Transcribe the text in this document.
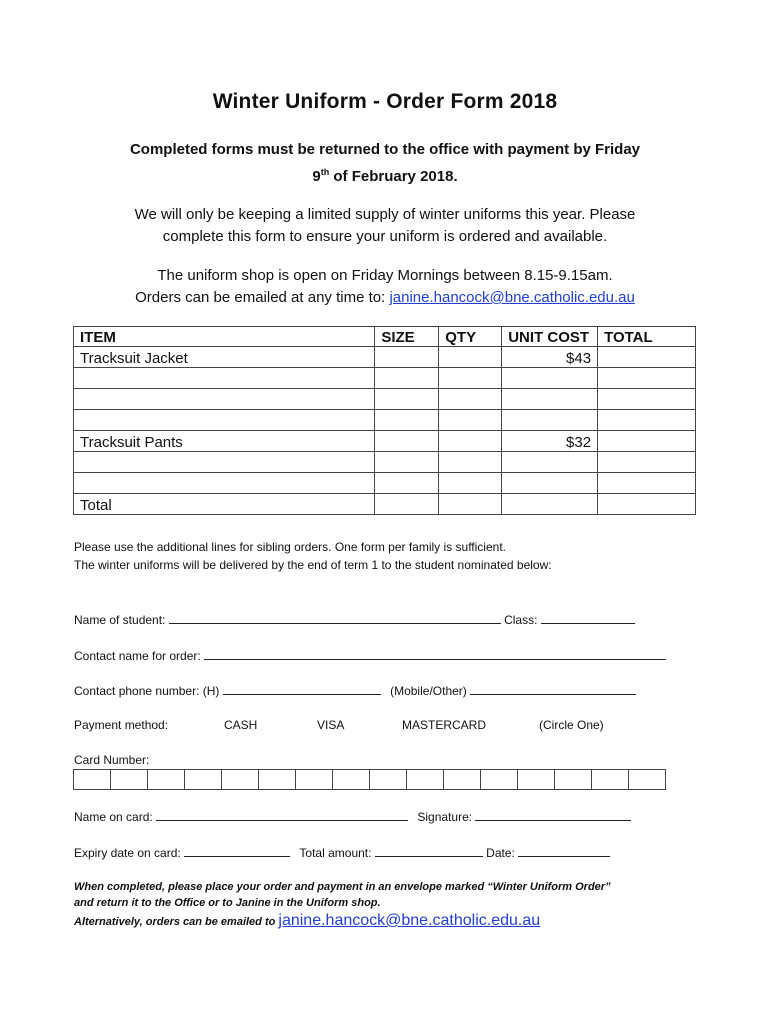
Winter Uniform - Order Form 2018
Completed forms must be returned to the office with payment by Friday
9th of February 2018.
We will only be keeping a limited supply of winter uniforms this year. Please
complete this form to ensure your uniform is ordered and available.
The uniform shop is open on Friday Mornings between 8.15-9.15am.
Orders can be emailed at any time to: janine.hancock@bne.catholic.edu.au
ITEM	SIZE	QTY	UNIT COST	TOTAL
Tracksuit Jacket			$43	

Tracksuit Pants			$32	

Total				
Please use the additional lines for sibling orders. One form per family is sufficient.
The winter uniforms will be delivered by the end of term 1 to the student nominated below:
Name of student:	Class:
Contact name for order:
Contact phone number: (H)	(Mobile/Other)
Payment method:	CASH	VISA	MASTERCARD	(Circle One)
Card Number:

Name on card:	Signature:
Expiry date on card:	Total amount:	Date:
When completed, please place your order and payment in an envelope marked “Winter Uniform Order”
and return it to the Office or to Janine in the Uniform shop.
Alternatively, orders can be emailed to janine.hancock@bne.catholic.edu.au
